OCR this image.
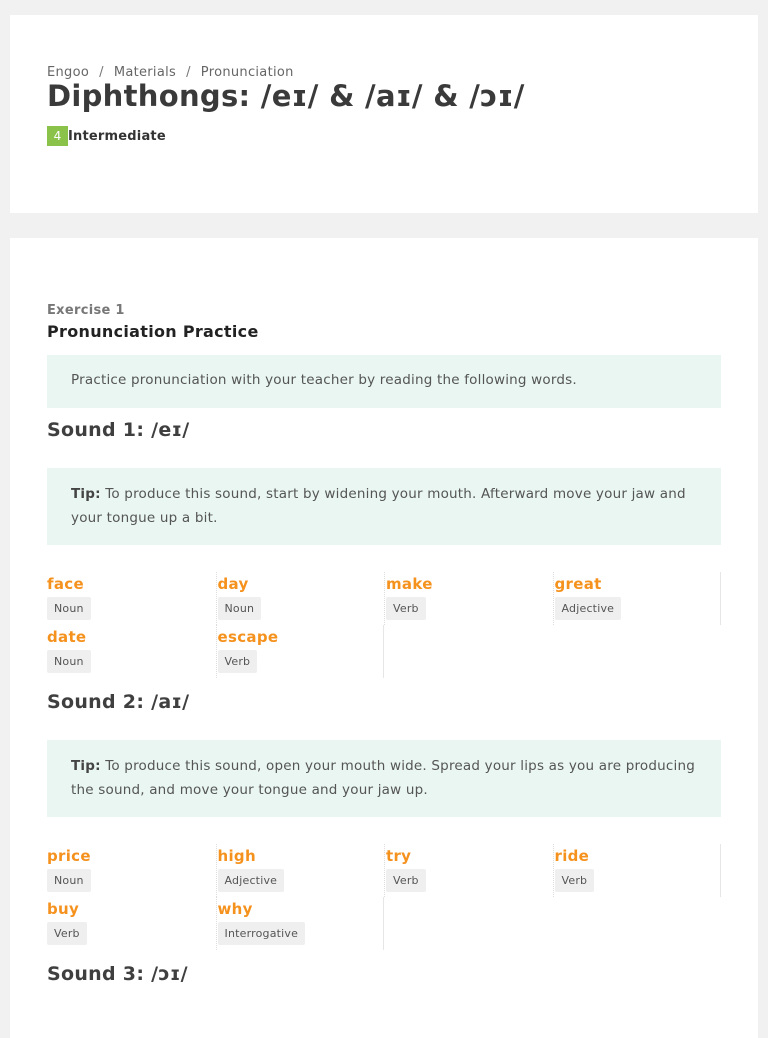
Engoo / Materials / Pronunciation
Diphthongs: /eɪ/ & /aɪ/ & /ɔɪ/
4 Intermediate
Exercise 1
Pronunciation Practice
Practice pronunciation with your teacher by reading the following words.
Sound 1: /eɪ/
Tip: To produce this sound, start by widening your mouth. Afterward move your jaw and your tongue up a bit.
face
Noun
day
Noun
make
Verb
great
Adjective
date
Noun
escape
Verb
Sound 2: /aɪ/
Tip: To produce this sound, open your mouth wide. Spread your lips as you are producing the sound, and move your tongue and your jaw up.
price
Noun
high
Adjective
try
Verb
ride
Verb
buy
Verb
why
Interrogative
Sound 3: /ɔɪ/
